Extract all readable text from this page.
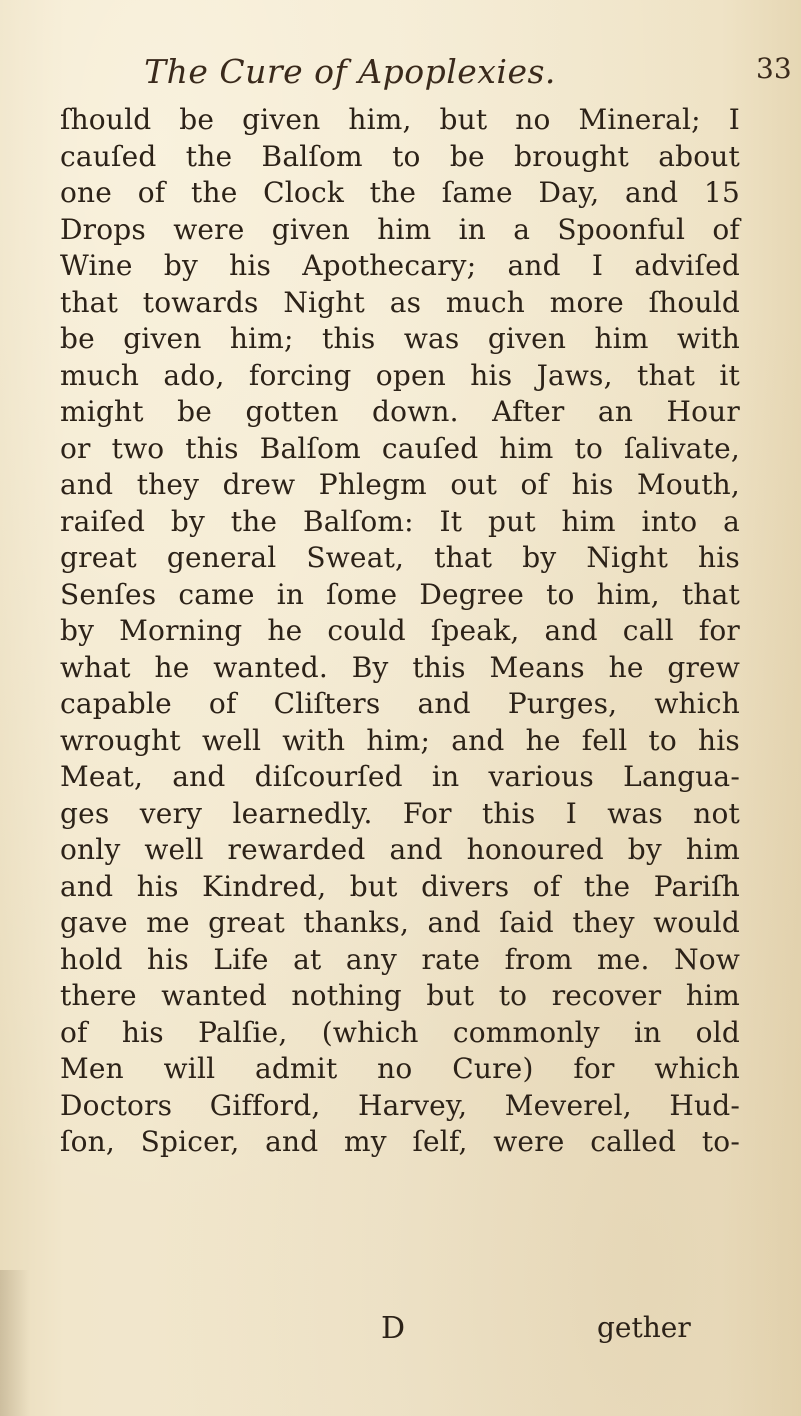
The Cure of Apoplexies.	33
ſhould be given him, but no Mineral; I
cauſed the Balſom to be brought about
one of the Clock the ſame Day, and 15
Drops were given him in a Spoonful of
Wine by his Apothecary; and I adviſed
that towards Night as much more ſhould
be given him; this was given him with
much ado, forcing open his Jaws, that it
might be gotten down. After an Hour
or two this Balſom cauſed him to ſalivate,
and they drew Phlegm out of his Mouth,
raiſed by the Balſom: It put him into a
great general Sweat, that by Night his
Senſes came in ſome Degree to him, that
by Morning he could ſpeak, and call for
what he wanted. By this Means he grew
capable of Cliſters and Purges, which
wrought well with him; and he fell to his
Meat, and diſcourſed in various Langua-
ges very learnedly. For this I was not
only well rewarded and honoured by him
and his Kindred, but divers of the Pariſh
gave me great thanks, and ſaid they would
hold his Life at any rate from me. Now
there wanted nothing but to recover him
of his Palſie, (which commonly in old
Men will admit no Cure) for which
Doctors Gifford, Harvey, Meverel, Hud-
ſon, Spicer, and my ſelf, were called to-
D	gether
